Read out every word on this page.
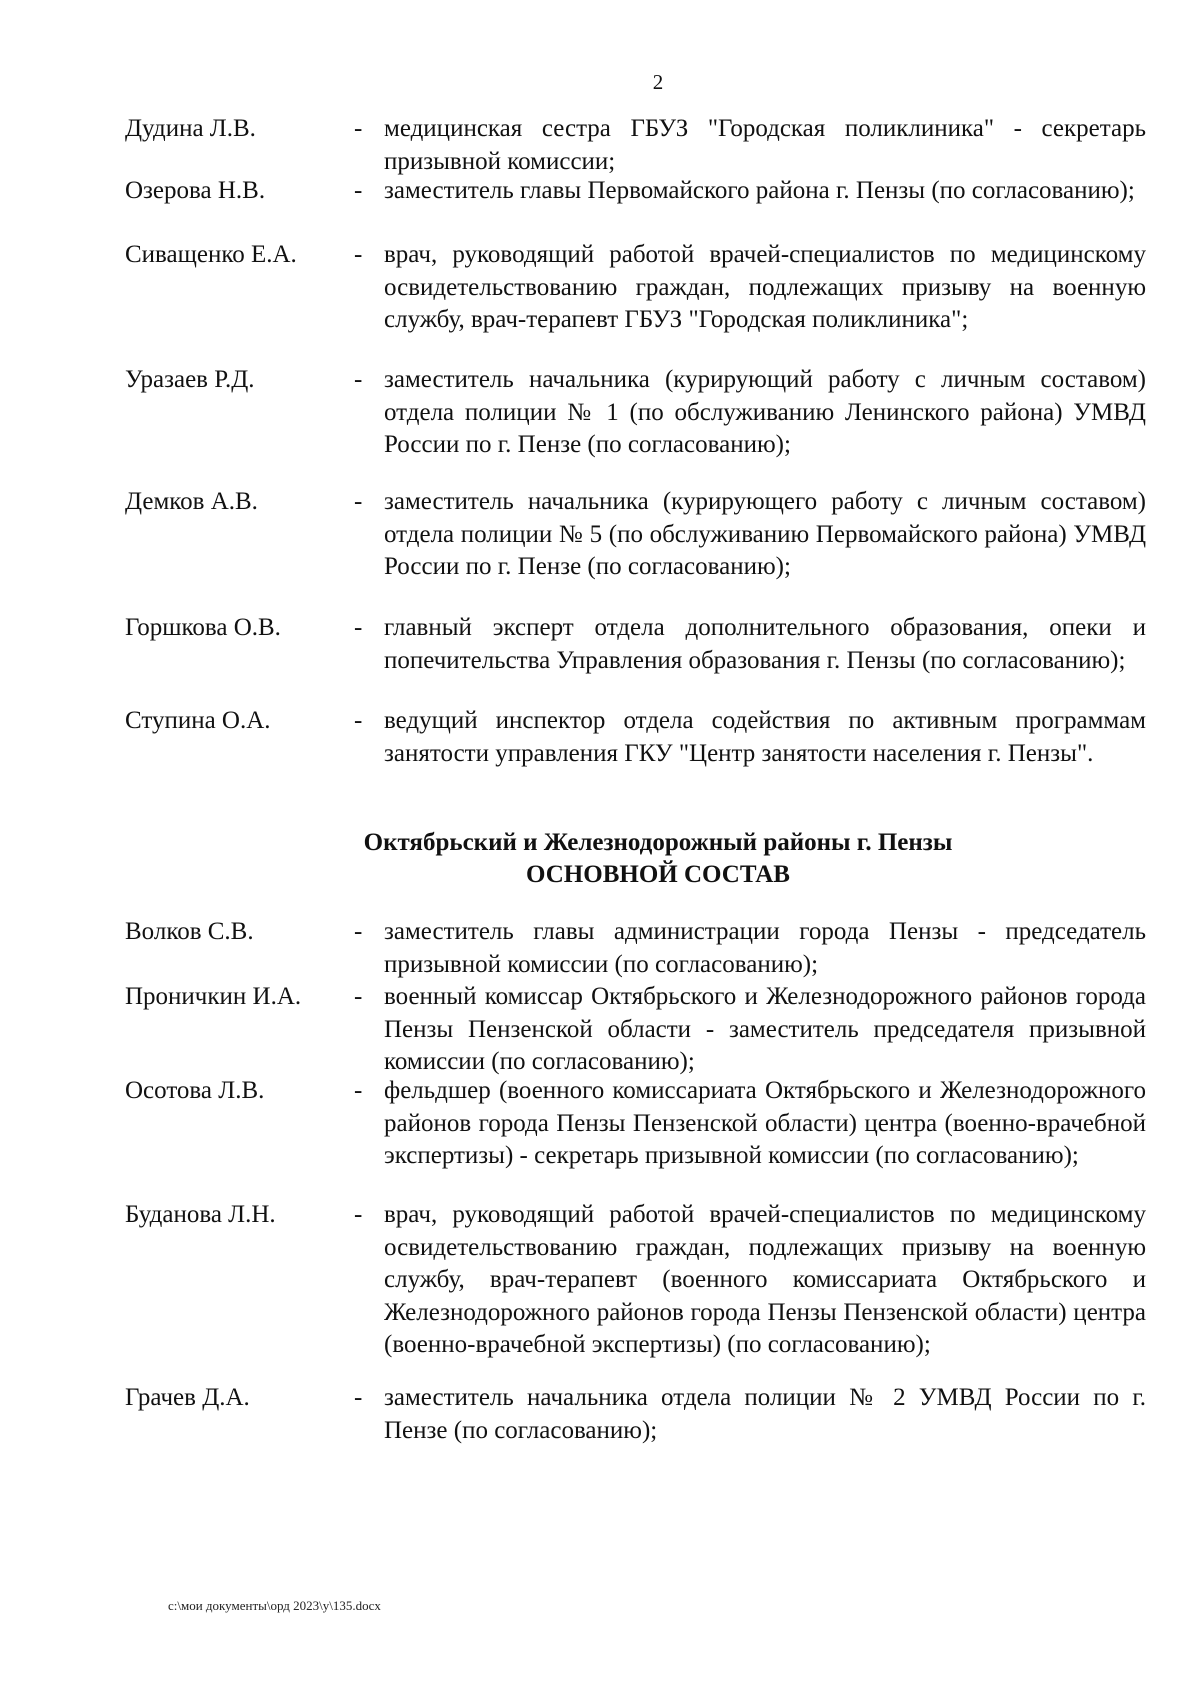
2
Дудина Л.В.	- медицинская сестра ГБУЗ "Городская поликлиника" - секретарь призывной комиссии;
Озерова Н.В.	- заместитель главы Первомайского района г. Пензы (по согласованию);
Сиващенко Е.А.	- врач, руководящий работой врачей-специалистов по медицинскому освидетельствованию граждан, подлежащих призыву на военную службу, врач-терапевт ГБУЗ "Городская поликлиника";
Уразаев Р.Д.	- заместитель начальника (курирующий работу с личным составом) отдела полиции № 1 (по обслуживанию Ленинского района) УМВД России по г. Пензе (по согласованию);
Демков А.В.	- заместитель начальника (курирующего работу с личным составом) отдела полиции № 5 (по обслуживанию Первомайского района) УМВД России по г. Пензе (по согласованию);
Горшкова О.В.	- главный эксперт отдела дополнительного образования, опеки и попечительства Управления образования г. Пензы (по согласованию);
Ступина О.А.	- ведущий инспектор отдела содействия по активным программам занятости управления ГКУ "Центр занятости населения г. Пензы".
Октябрьский и Железнодорожный районы г. Пензы
ОСНОВНОЙ СОСТАВ
Волков С.В.	- заместитель главы администрации города Пензы - председатель призывной комиссии (по согласованию);
Проничкин И.А.	- военный комиссар Октябрьского и Железнодорожного районов города Пензы Пензенской области - заместитель председателя призывной комиссии (по согласованию);
Осотова Л.В.	- фельдшер (военного комиссариата Октябрьского и Железнодорожного районов города Пензы Пензенской области) центра (военно-врачебной экспертизы) - секретарь призывной комиссии (по согласованию);
Буданова Л.Н.	- врач, руководящий работой врачей-специалистов по медицинскому освидетельствованию граждан, подлежащих призыву на военную службу, врач-терапевт (военного комиссариата Октябрьского и Железнодорожного районов города Пензы Пензенской области) центра (военно-врачебной экспертизы) (по согласованию);
Грачев Д.А.	- заместитель начальника отдела полиции № 2 УМВД России по г. Пензе (по согласованию);
c:\мои документы\орд 2023\у\135.docx
